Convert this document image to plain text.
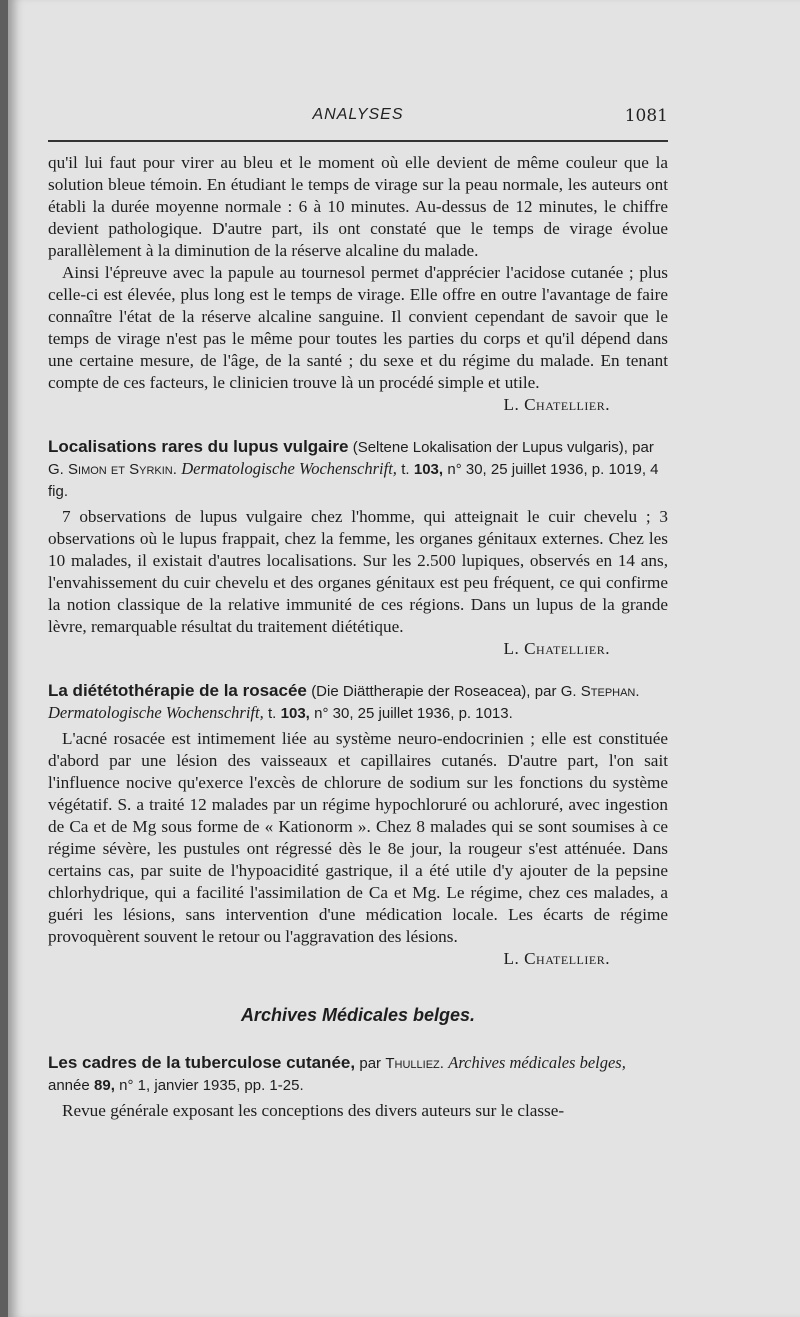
ANALYSES	1081

qu'il lui faut pour virer au bleu et le moment où elle devient de même couleur que la solution bleue témoin. En étudiant le temps de virage sur la peau normale, les auteurs ont établi la durée moyenne normale : 6 à 10 minutes. Au-dessus de 12 minutes, le chiffre devient pathologique. D'autre part, ils ont constaté que le temps de virage évolue parallèlement à la diminution de la réserve alcaline du malade.

Ainsi l'épreuve avec la papule au tournesol permet d'apprécier l'acidose cutanée ; plus celle-ci est élevée, plus long est le temps de virage. Elle offre en outre l'avantage de faire connaître l'état de la réserve alcaline sanguine. Il convient cependant de savoir que le temps de virage n'est pas le même pour toutes les parties du corps et qu'il dépend dans une certaine mesure, de l'âge, de la santé ; du sexe et du régime du malade. En tenant compte de ces facteurs, le clinicien trouve là un procédé simple et utile.

L. Chatellier.

Localisations rares du lupus vulgaire (Seltene Lokalisation der Lupus vulgaris), par G. Simon et Syrkin. Dermatologische Wochenschrift, t. 103, n° 30, 25 juillet 1936, p. 1019, 4 fig.

7 observations de lupus vulgaire chez l'homme, qui atteignait le cuir chevelu ; 3 observations où le lupus frappait, chez la femme, les organes génitaux externes. Chez les 10 malades, il existait d'autres localisations. Sur les 2.500 lupiques, observés en 14 ans, l'envahissement du cuir chevelu et des organes génitaux est peu fréquent, ce qui confirme la notion classique de la relative immunité de ces régions. Dans un lupus de la grande lèvre, remarquable résultat du traitement diététique.

L. Chatellier.

La diététothérapie de la rosacée (Die Diättherapie der Roseacea), par G. Stephan. Dermatologische Wochenschrift, t. 103, n° 30, 25 juillet 1936, p. 1013.

L'acné rosacée est intimement liée au système neuro-endocrinien ; elle est constituée d'abord par une lésion des vaisseaux et capillaires cutanés. D'autre part, l'on sait l'influence nocive qu'exerce l'excès de chlorure de sodium sur les fonctions du système végétatif. S. a traité 12 malades par un régime hypochloruré ou achloruré, avec ingestion de Ca et de Mg sous forme de « Kationorm ». Chez 8 malades qui se sont soumises à ce régime sévère, les pustules ont régressé dès le 8e jour, la rougeur s'est atténuée. Dans certains cas, par suite de l'hypoacidité gastrique, il a été utile d'y ajouter de la pepsine chlorhydrique, qui a facilité l'assimilation de Ca et Mg. Le régime, chez ces malades, a guéri les lésions, sans intervention d'une médication locale. Les écarts de régime provoquèrent souvent le retour ou l'aggravation des lésions.

L. Chatellier.

Archives Médicales belges.
Les cadres de la tuberculose cutanée, par Thulliez. Archives médicales belges, année 89, n° 1, janvier 1935, pp. 1-25.

Revue générale exposant les conceptions des divers auteurs sur le classe-
